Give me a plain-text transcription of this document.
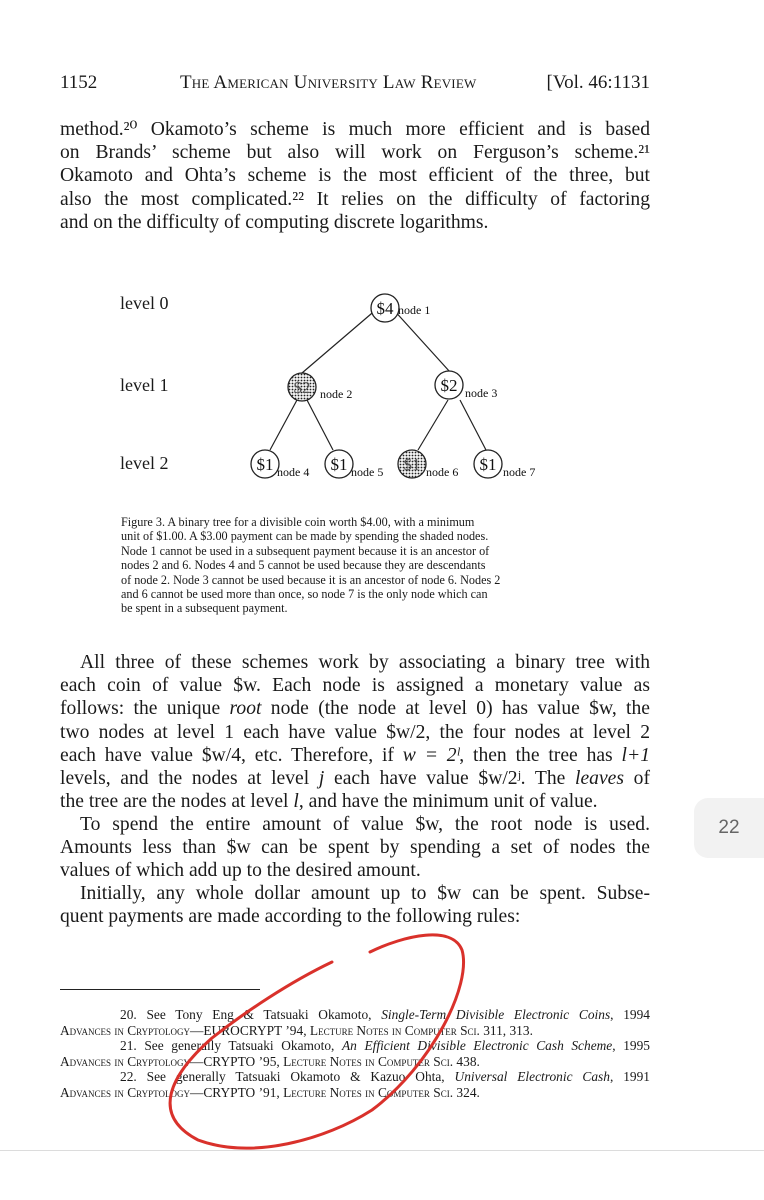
1152	The American University Law Review	[Vol. 46:1131

method.²⁰ Okamoto’s scheme is much more efficient and is based
on Brands’ scheme but also will work on Ferguson’s scheme.²¹
Okamoto and Ohta’s scheme is the most efficient of the three, but
also the most complicated.²² It relies on the difficulty of factoring
and on the difficulty of computing discrete logarithms.

level 0
level 1
level 2
$4 node 1
$2 node 2	$2 node 3
$1 node 4 $1 node 5 $1 node 6 $1 node 7
Figure 3. A binary tree for a divisible coin worth $4.00, with a minimum
unit of $1.00. A $3.00 payment can be made by spending the shaded nodes.
Node 1 cannot be used in a subsequent payment because it is an ancestor of
nodes 2 and 6. Nodes 4 and 5 cannot be used because they are descendants
of node 2. Node 3 cannot be used because it is an ancestor of node 6. Nodes 2
and 6 cannot be used more than once, so node 7 is the only node which can
be spent in a subsequent payment.

All three of these schemes work by associating a binary tree with
each coin of value $w. Each node is assigned a monetary value as
follows: the unique root node (the node at level 0) has value $w, the
two nodes at level 1 each have value $w/2, the four nodes at level 2
each have value $w/4, etc. Therefore, if w = 2ˡ, then the tree has l+1
levels, and the nodes at level j each have value $w/2ʲ. The leaves of
the tree are the nodes at level l, and have the minimum unit of value.

To spend the entire amount of value $w, the root node is used.
Amounts less than $w can be spent by spending a set of nodes the
values of which add up to the desired amount.

Initially, any whole dollar amount up to $w can be spent. Subse-
quent payments are made according to the following rules:

20. See Tony Eng & Tatsuaki Okamoto, Single-Term Divisible Electronic Coins, 1994
Advances in Cryptology—EUROCRYPT ’94, Lecture Notes in Computer Sci. 311, 313.
21. See generally Tatsuaki Okamoto, An Efficient Divisible Electronic Cash Scheme, 1995
Advances in Cryptology—CRYPTO ’95, Lecture Notes in Computer Sci. 438.
22. See generally Tatsuaki Okamoto & Kazuo Ohta, Universal Electronic Cash, 1991
Advances in Cryptology—CRYPTO ’91, Lecture Notes in Computer Sci. 324.
22
